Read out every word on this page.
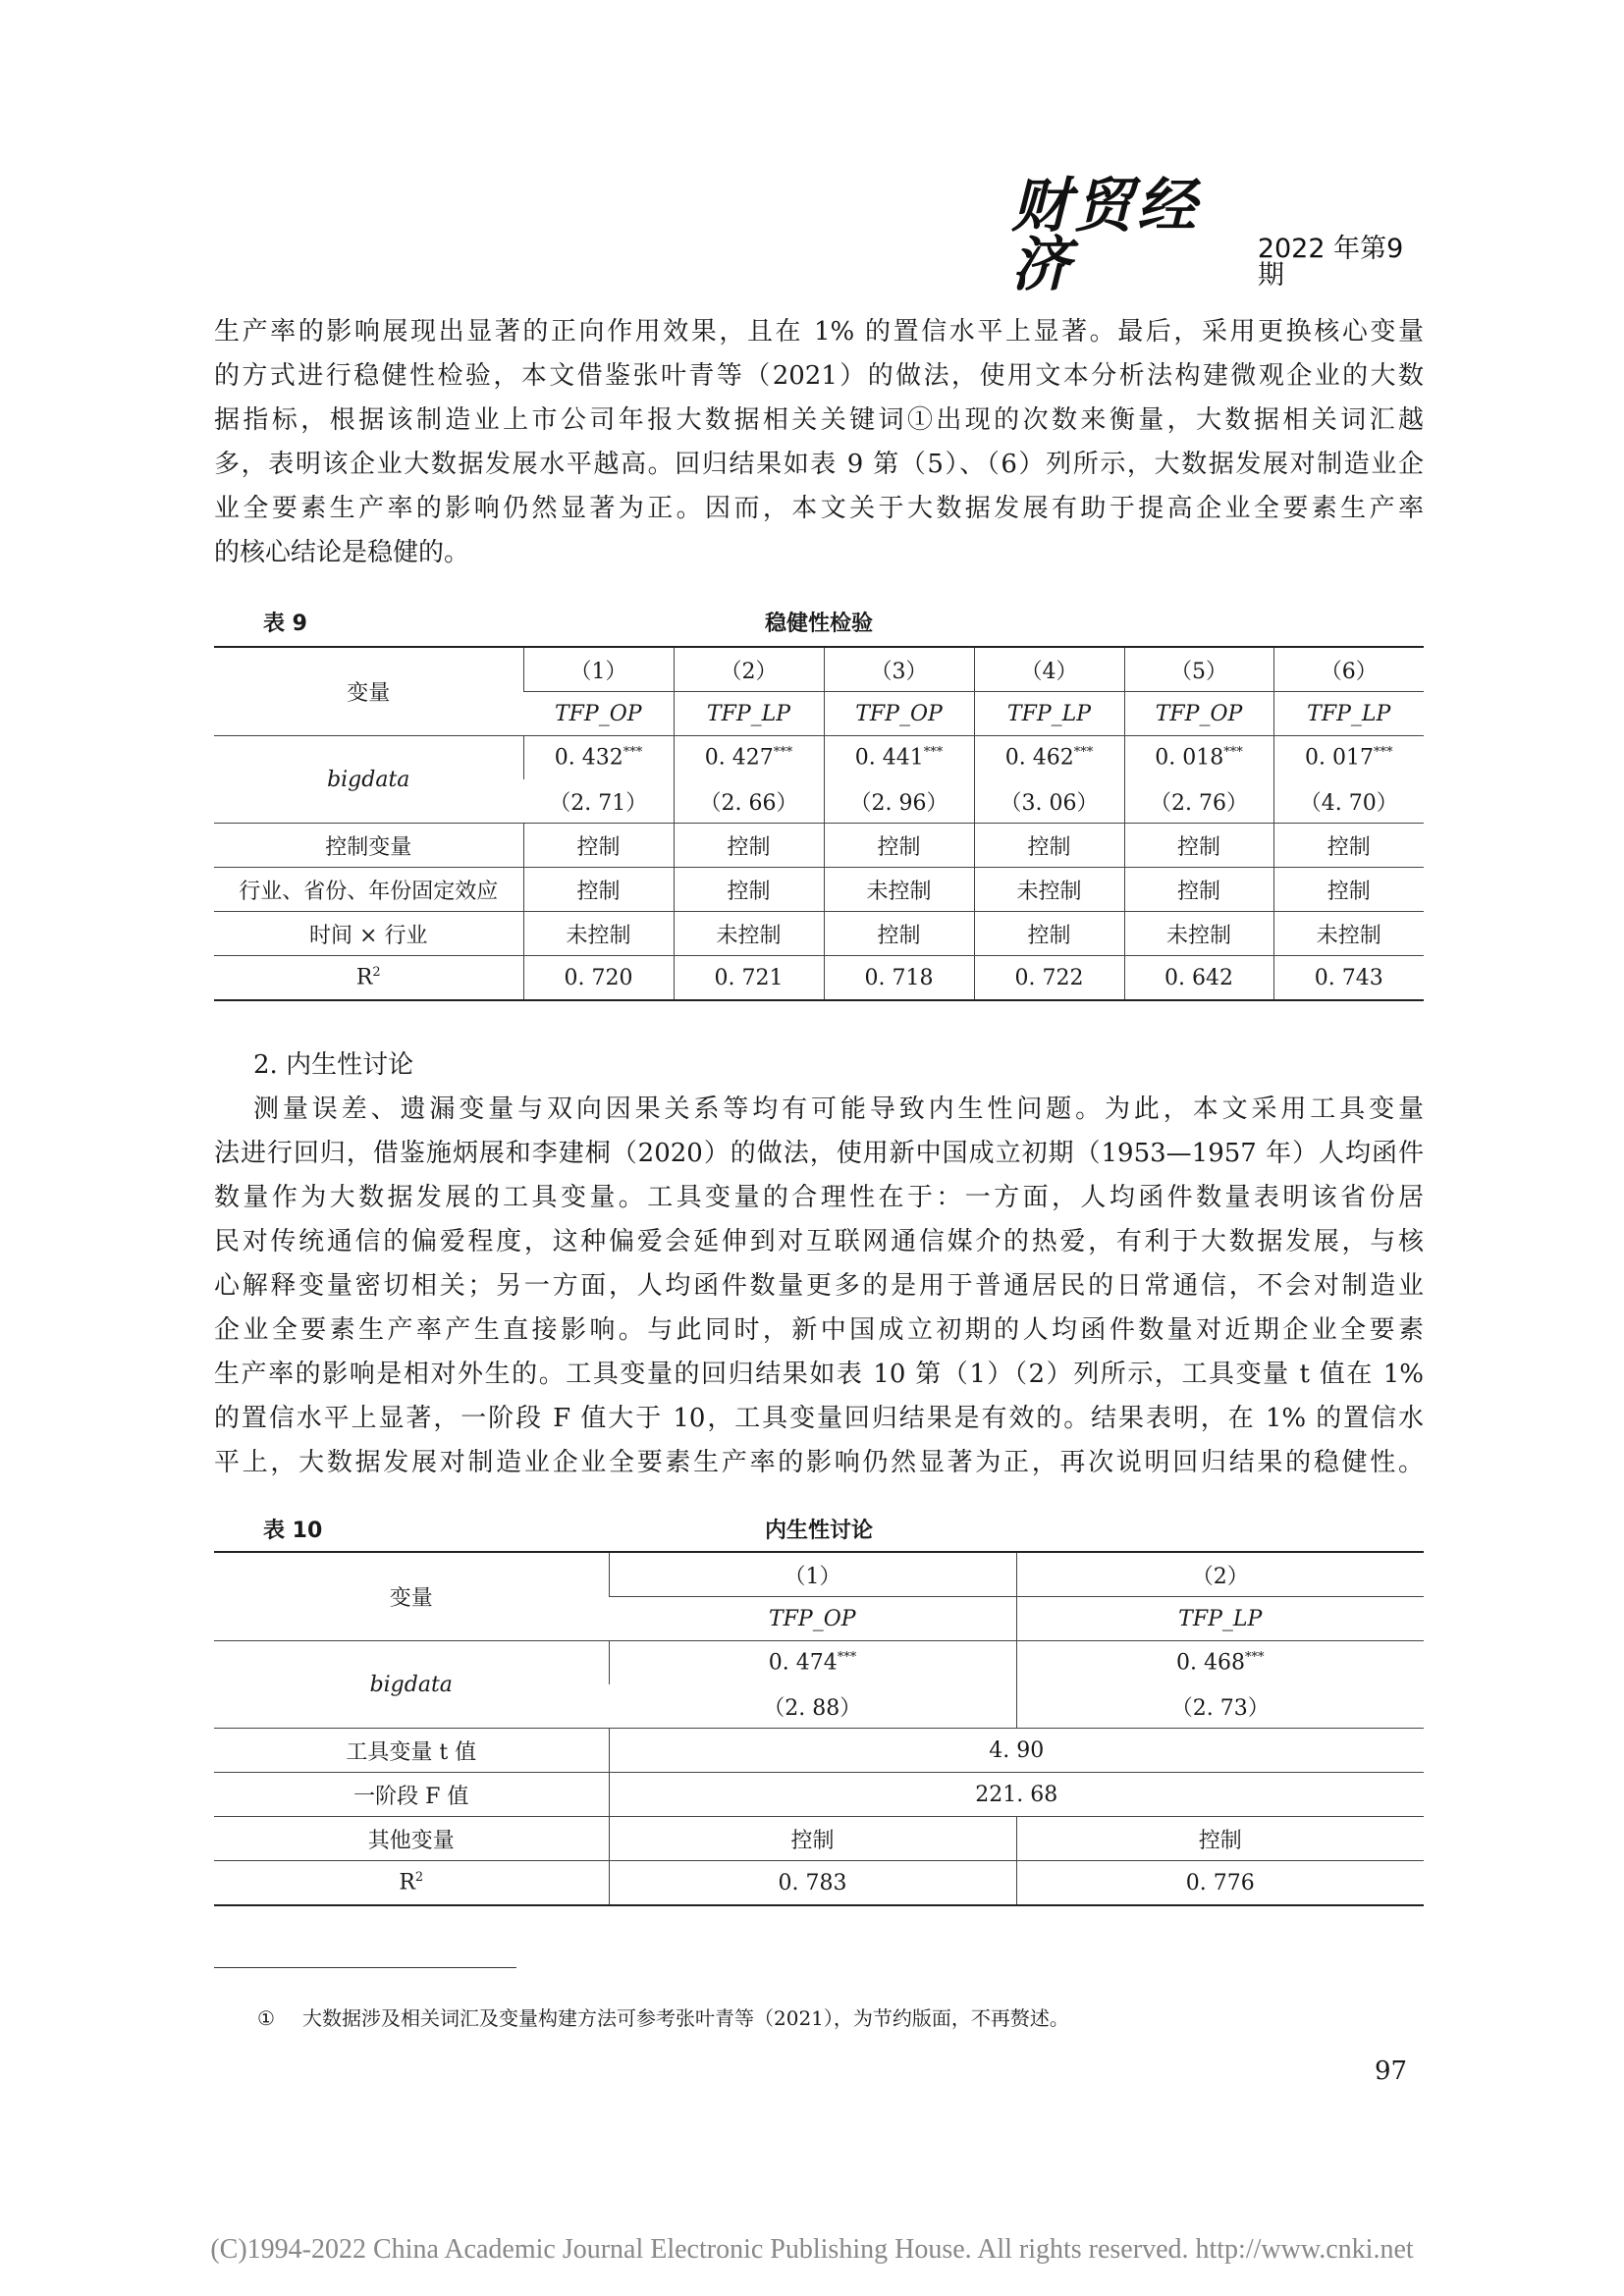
财贸经济	2022 年第9期
生产率的影响展现出显著的正向作用效果，且在 1% 的置信水平上显著。最后，采用更换核心变量
的方式进行稳健性检验，本文借鉴张叶青等（2021）的做法，使用文本分析法构建微观企业的大数
据指标，根据该制造业上市公司年报大数据相关关键词①出现的次数来衡量，大数据相关词汇越
多，表明该企业大数据发展水平越高。回归结果如表 9 第（5）、（6）列所示，大数据发展对制造业企
业全要素生产率的影响仍然显著为正。因而，本文关于大数据发展有助于提高企业全要素生产率
的核心结论是稳健的。
表 9	稳健性检验
变量	（1）	（2）	（3）	（4）	（5）	（6）
	TFP_OP	TFP_LP	TFP_OP	TFP_LP	TFP_OP	TFP_LP
bigdata	0. 432***	0. 427***	0. 441***	0. 462***	0. 018***	0. 017***
	（2. 71）	（2. 66）	（2. 96）	（3. 06）	（2. 76）	（4. 70）
控制变量	控制	控制	控制	控制	控制	控制
行业、省份、年份固定效应	控制	控制	未控制	未控制	控制	控制
时间 × 行业	未控制	未控制	控制	控制	未控制	未控制
$R^2$	0. 720	0. 721	0. 718	0. 722	0. 642	0. 743
2. 内生性讨论
测量误差、遗漏变量与双向因果关系等均有可能导致内生性问题。为此，本文采用工具变量
法进行回归，借鉴施炳展和李建桐（2020）的做法，使用新中国成立初期（1953—1957 年）人均函件
数量作为大数据发展的工具变量。工具变量的合理性在于：一方面，人均函件数量表明该省份居
民对传统通信的偏爱程度，这种偏爱会延伸到对互联网通信媒介的热爱，有利于大数据发展，与核
心解释变量密切相关；另一方面，人均函件数量更多的是用于普通居民的日常通信，不会对制造业
企业全要素生产率产生直接影响。与此同时，新中国成立初期的人均函件数量对近期企业全要素
生产率的影响是相对外生的。工具变量的回归结果如表 10 第（1）（2）列所示，工具变量 t 值在 1%
的置信水平上显著，一阶段 F 值大于 10，工具变量回归结果是有效的。结果表明，在 1% 的置信水
平上，大数据发展对制造业企业全要素生产率的影响仍然显著为正，再次说明回归结果的稳健性。
表 10	内生性讨论
变量	（1）	（2）
	TFP_OP	TFP_LP
bigdata	0. 474***	0. 468***
	（2. 88）	（2. 73）
工具变量 t 值	4. 90	
一阶段 F 值	221. 68	
其他变量	控制	控制
$R^2$	0. 783	0. 776
① 大数据涉及相关词汇及变量构建方法可参考张叶青等（2021），为节约版面，不再赘述。
97
(C)1994-2022 China Academic Journal Electronic Publishing House. All rights reserved. http://www.cnki.net
